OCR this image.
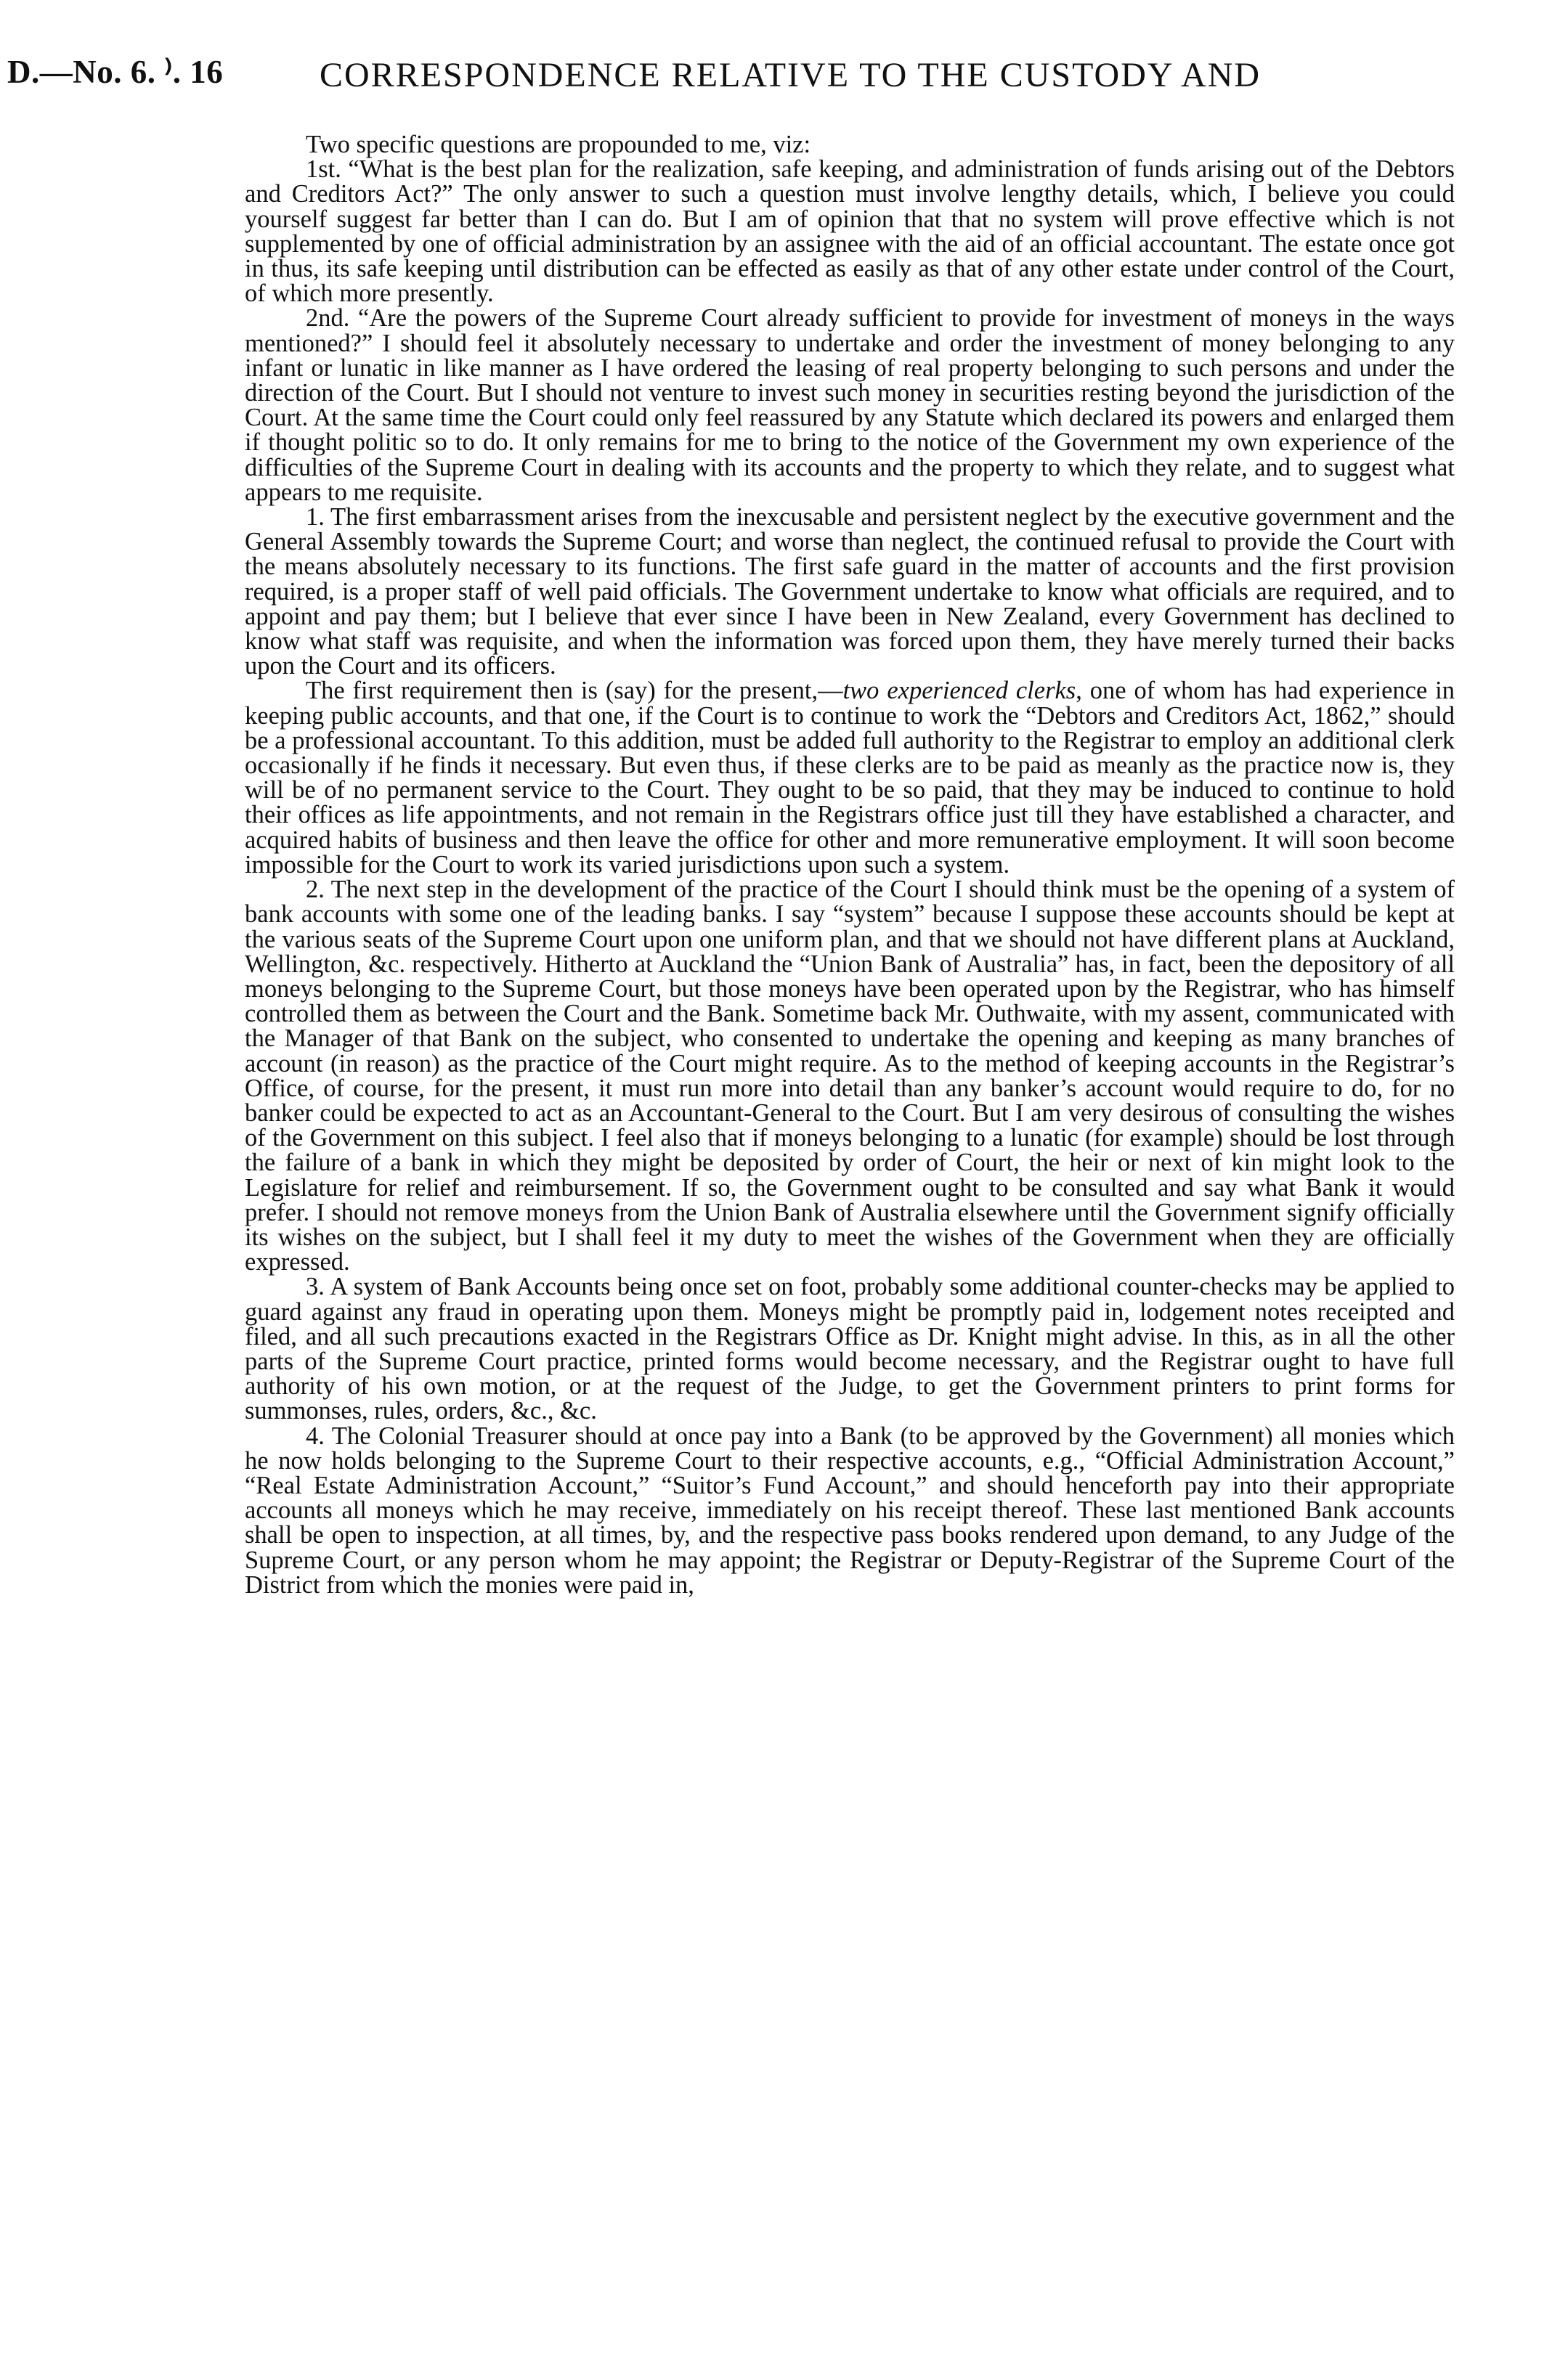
D.—No. 6. ⁾. 16	CORRESPONDENCE RELATIVE TO THE CUSTODY AND

Two specific questions are propounded to me, viz:

1st. “What is the best plan for the realization, safe keeping, and administration of funds arising out of the Debtors and Creditors Act?” The only answer to such a question must involve lengthy details, which, I believe you could yourself suggest far better than I can do. But I am of opinion that that no system will prove effective which is not supplemented by one of official administration by an assignee with the aid of an official accountant. The estate once got in thus, its safe keeping until distribution can be effected as easily as that of any other estate under control of the Court, of which more presently.

2nd. “Are the powers of the Supreme Court already sufficient to provide for investment of moneys in the ways mentioned?” I should feel it absolutely necessary to undertake and order the investment of money belonging to any infant or lunatic in like manner as I have ordered the leasing of real property belonging to such persons and under the direction of the Court. But I should not venture to invest such money in securities resting beyond the jurisdiction of the Court. At the same time the Court could only feel reassured by any Statute which declared its powers and enlarged them if thought politic so to do. It only remains for me to bring to the notice of the Government my own experience of the difficulties of the Supreme Court in dealing with its accounts and the property to which they relate, and to suggest what appears to me requisite.

1. The first embarrassment arises from the inexcusable and persistent neglect by the executive government and the General Assembly towards the Supreme Court; and worse than neglect, the continued refusal to provide the Court with the means absolutely necessary to its functions. The first safe guard in the matter of accounts and the first provision required, is a proper staff of well paid officials. The Government undertake to know what officials are required, and to appoint and pay them; but I believe that ever since I have been in New Zealand, every Government has declined to know what staff was requisite, and when the information was forced upon them, they have merely turned their backs upon the Court and its officers.

The first requirement then is (say) for the present,—two experienced clerks, one of whom has had experience in keeping public accounts, and that one, if the Court is to continue to work the “Debtors and Creditors Act, 1862,” should be a professional accountant. To this addition, must be added full authority to the Registrar to employ an additional clerk occasionally if he finds it necessary. But even thus, if these clerks are to be paid as meanly as the practice now is, they will be of no permanent service to the Court. They ought to be so paid, that they may be induced to continue to hold their offices as life appointments, and not remain in the Registrars office just till they have established a character, and acquired habits of business and then leave the office for other and more remunerative employment. It will soon become impossible for the Court to work its varied jurisdictions upon such a system.

2. The next step in the development of the practice of the Court I should think must be the opening of a system of bank accounts with some one of the leading banks. I say “system” because I suppose these accounts should be kept at the various seats of the Supreme Court upon one uniform plan, and that we should not have different plans at Auckland, Wellington, &c. respectively. Hitherto at Auckland the “Union Bank of Australia” has, in fact, been the depository of all moneys belonging to the Supreme Court, but those moneys have been operated upon by the Registrar, who has himself controlled them as between the Court and the Bank. Sometime back Mr. Outhwaite, with my assent, communicated with the Manager of that Bank on the subject, who consented to undertake the opening and keeping as many branches of account (in reason) as the practice of the Court might require. As to the method of keeping accounts in the Registrar’s Office, of course, for the present, it must run more into detail than any banker’s account would require to do, for no banker could be expected to act as an Accountant-General to the Court. But I am very desirous of consulting the wishes of the Government on this subject. I feel also that if moneys belonging to a lunatic (for example) should be lost through the failure of a bank in which they might be deposited by order of Court, the heir or next of kin might look to the Legislature for relief and reimbursement. If so, the Government ought to be consulted and say what Bank it would prefer. I should not remove moneys from the Union Bank of Australia elsewhere until the Government signify officially its wishes on the subject, but I shall feel it my duty to meet the wishes of the Government when they are officially expressed.

3. A system of Bank Accounts being once set on foot, probably some additional counter-checks may be applied to guard against any fraud in operating upon them. Moneys might be promptly paid in, lodgement notes receipted and filed, and all such precautions exacted in the Registrars Office as Dr. Knight might advise. In this, as in all the other parts of the Supreme Court practice, printed forms would become necessary, and the Registrar ought to have full authority of his own motion, or at the request of the Judge, to get the Government printers to print forms for summonses, rules, orders, &c., &c.

4. The Colonial Treasurer should at once pay into a Bank (to be approved by the Government) all monies which he now holds belonging to the Supreme Court to their respective accounts, e.g., “Official Administration Account,” “Real Estate Administration Account,” “Suitor’s Fund Account,” and should henceforth pay into their appropriate accounts all moneys which he may receive, immediately on his receipt thereof. These last mentioned Bank accounts shall be open to inspection, at all times, by, and the respective pass books rendered upon demand, to any Judge of the Supreme Court, or any person whom he may appoint; the Registrar or Deputy-Registrar of the Supreme Court of the District from which the monies were paid in,
